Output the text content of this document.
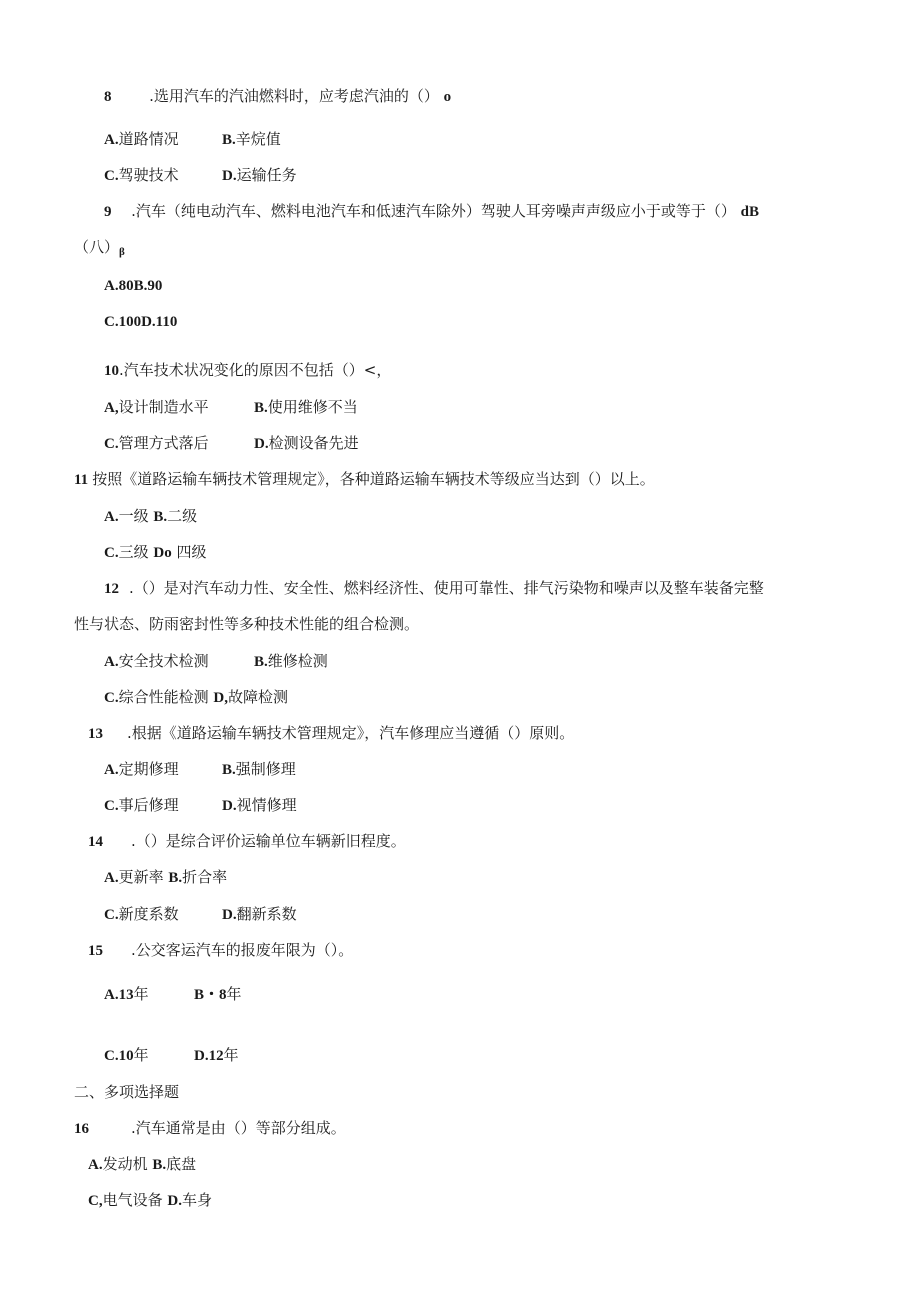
8	.选用汽车的汽油燃料时，应考虑汽油的（） o
A.道路情况	B.辛烷值
C.驾驶技术	D.运输任务
9 .汽车（纯电动汽车、燃料电池汽车和低速汽车除外）驾驶人耳旁噪声声级应小于或等于（） dB
（八）$_\beta$
A.80B.90
C.100D.110
10.汽车技术状况变化的原因不包括（）<，
A,设计制造水平	B.使用维修不当
C.管理方式落后	D.检测设备先进
11 按照《道路运输车辆技术管理规定》，各种道路运输车辆技术等级应当达到（）以上。
A.一级 B.二级
C.三级 Do 四级
12 .（）是对汽车动力性、安全性、燃料经济性、使用可靠性、排气污染物和噪声以及整车装备完整
性与状态、防雨密封性等多种技术性能的组合检测。
A.安全技术检测	B.维修检测
C.综合性能检测 D,故障检测
13 .根据《道路运输车辆技术管理规定》，汽车修理应当遵循（）原则。
A.定期修理	B.强制修理
C.事后修理	D.视情修理
14 .（）是综合评价运输单位车辆新旧程度。
A.更新率 B.折合率
C.新度系数	D.翻新系数
15 .公交客运汽车的报废年限为（）。
A.13年	B・8年
C.10年	D.12年
二、多项选择题
16	.汽车通常是由（）等部分组成。
A.发动机 B.底盘
C,电气设备 D.车身
